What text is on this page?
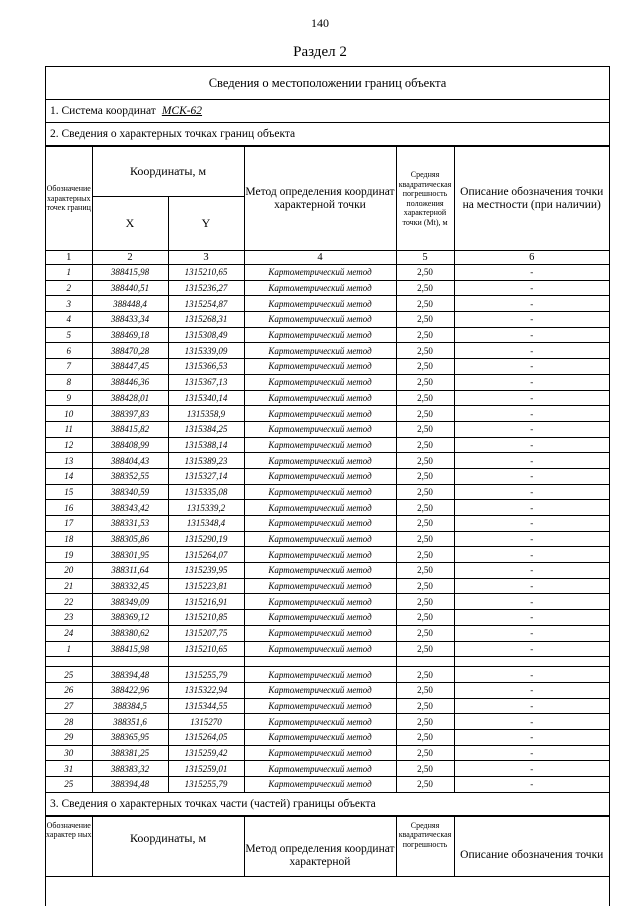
140
Раздел 2
Сведения о местоположении границ объекта
1. Система координат МСК-62
2. Сведения о характерных точках границ объекта
Обозначение характерных точек границ	Координаты, м		Метод определения координат характерной точки	Средняя квадратическая погрешность положения характерной точки (Mt), м	Описание обозначения точки на местности (при наличии)
	X	Y			
1	2	3	4	5	6
1	388415,98	1315210,65	Картометрический метод	2,50	-
2	388440,51	1315236,27	Картометрический метод	2,50	-
3	388448,4	1315254,87	Картометрический метод	2,50	-
4	388433,34	1315268,31	Картометрический метод	2,50	-
5	388469,18	1315308,49	Картометрический метод	2,50	-
6	388470,28	1315339,09	Картометрический метод	2,50	-
7	388447,45	1315366,53	Картометрический метод	2,50	-
8	388446,36	1315367,13	Картометрический метод	2,50	-
9	388428,01	1315340,14	Картометрический метод	2,50	-
10	388397,83	1315358,9	Картометрический метод	2,50	-
11	388415,82	1315384,25	Картометрический метод	2,50	-
12	388408,99	1315388,14	Картометрический метод	2,50	-
13	388404,43	1315389,23	Картометрический метод	2,50	-
14	388352,55	1315327,14	Картометрический метод	2,50	-
15	388340,59	1315335,08	Картометрический метод	2,50	-
16	388343,42	1315339,2	Картометрический метод	2,50	-
17	388331,53	1315348,4	Картометрический метод	2,50	-
18	388305,86	1315290,19	Картометрический метод	2,50	-
19	388301,95	1315264,07	Картометрический метод	2,50	-
20	388311,64	1315239,95	Картометрический метод	2,50	-
21	388332,45	1315223,81	Картометрический метод	2,50	-
22	388349,09	1315216,91	Картометрический метод	2,50	-
23	388369,12	1315210,85	Картометрический метод	2,50	-
24	388380,62	1315207,75	Картометрический метод	2,50	-
1	388415,98	1315210,65	Картометрический метод	2,50	-

25	388394,48	1315255,79	Картометрический метод	2,50	-
26	388422,96	1315322,94	Картометрический метод	2,50	-
27	388384,5	1315344,55	Картометрический метод	2,50	-
28	388351,6	1315270	Картометрический метод	2,50	-
29	388365,95	1315264,05	Картометрический метод	2,50	-
30	388381,25	1315259,42	Картометрический метод	2,50	-
31	388383,32	1315259,01	Картометрический метод	2,50	-
25	388394,48	1315255,79	Картометрический метод	2,50	-
3. Сведения о характерных точках части (частей) границы объекта
Обозначение характер ных	Координаты, м	Метод определения координат характерной	Средняя квадратическая погрешность	Описание обозначения точки
